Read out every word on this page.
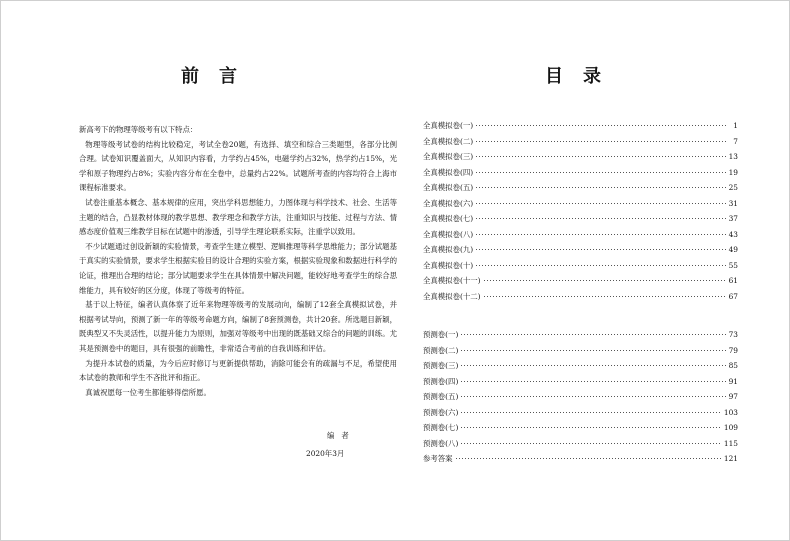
前言

新高考下的物理等级考有以下特点：

物理等级考试卷的结构比较稳定，考试全卷20题，有选择、填空和综合三类题型，各部分比例合理。试卷知识覆盖面大，从知识内容看，力学约占45%，电磁学约占32%，热学约占15%，光学和原子物理约占8%；实验内容分布在全卷中，总量约占22%。试题所考查的内容均符合上海市课程标准要求。

试卷注重基本概念、基本规律的应用，突出学科思想能力，力图体现与科学技术、社会、生活等主题的结合，凸显教材体现的教学思想、教学理念和教学方法，注重知识与技能、过程与方法、情感态度价值观三维教学目标在试题中的渗透，引导学生理论联系实际，注重学以致用。

不少试题通过创设新颖的实验情景，考查学生建立模型、逻辑推理等科学思维能力；部分试题基于真实的实验情景，要求学生根据实验目的设计合理的实验方案，根据实验现象和数据进行科学的论证，推理出合理的结论；部分试题要求学生在具体情景中解决问题，能较好地考查学生的综合思维能力，具有较好的区分度，体现了等级考的特征。

基于以上特征，编者认真体察了近年来物理等级考的发展动向，编制了12套全真模拟试卷，并根据考试导向，预测了新一年的等级考命题方向，编制了8套预测卷，共计20套。所选题目新颖，既典型又不失灵活性，以提升能力为原则，加强对等级考中出现的既基础又综合的问题的训练。尤其是预测卷中的题目，具有很强的前瞻性，非常适合考前的自我训练和评估。

为提升本试卷的质量，为今后应时修订与更新提供帮助，消除可能会有的疏漏与不足，希望使用本试卷的教师和学生不吝批评和指正。

真诚祝愿每一位考生都能够得偿所愿。

编者
2020年3月
目录
全真模拟卷(一)	1
全真模拟卷(二)	7
全真模拟卷(三)	13
全真模拟卷(四)	19
全真模拟卷(五)	25
全真模拟卷(六)	31
全真模拟卷(七)	37
全真模拟卷(八)	43
全真模拟卷(九)	49
全真模拟卷(十)	55
全真模拟卷(十一)	61
全真模拟卷(十二)	67
预测卷(一)	73
预测卷(二)	79
预测卷(三)	85
预测卷(四)	91
预测卷(五)	97
预测卷(六)	103
预测卷(七)	109
预测卷(八)	115
参考答案	121
